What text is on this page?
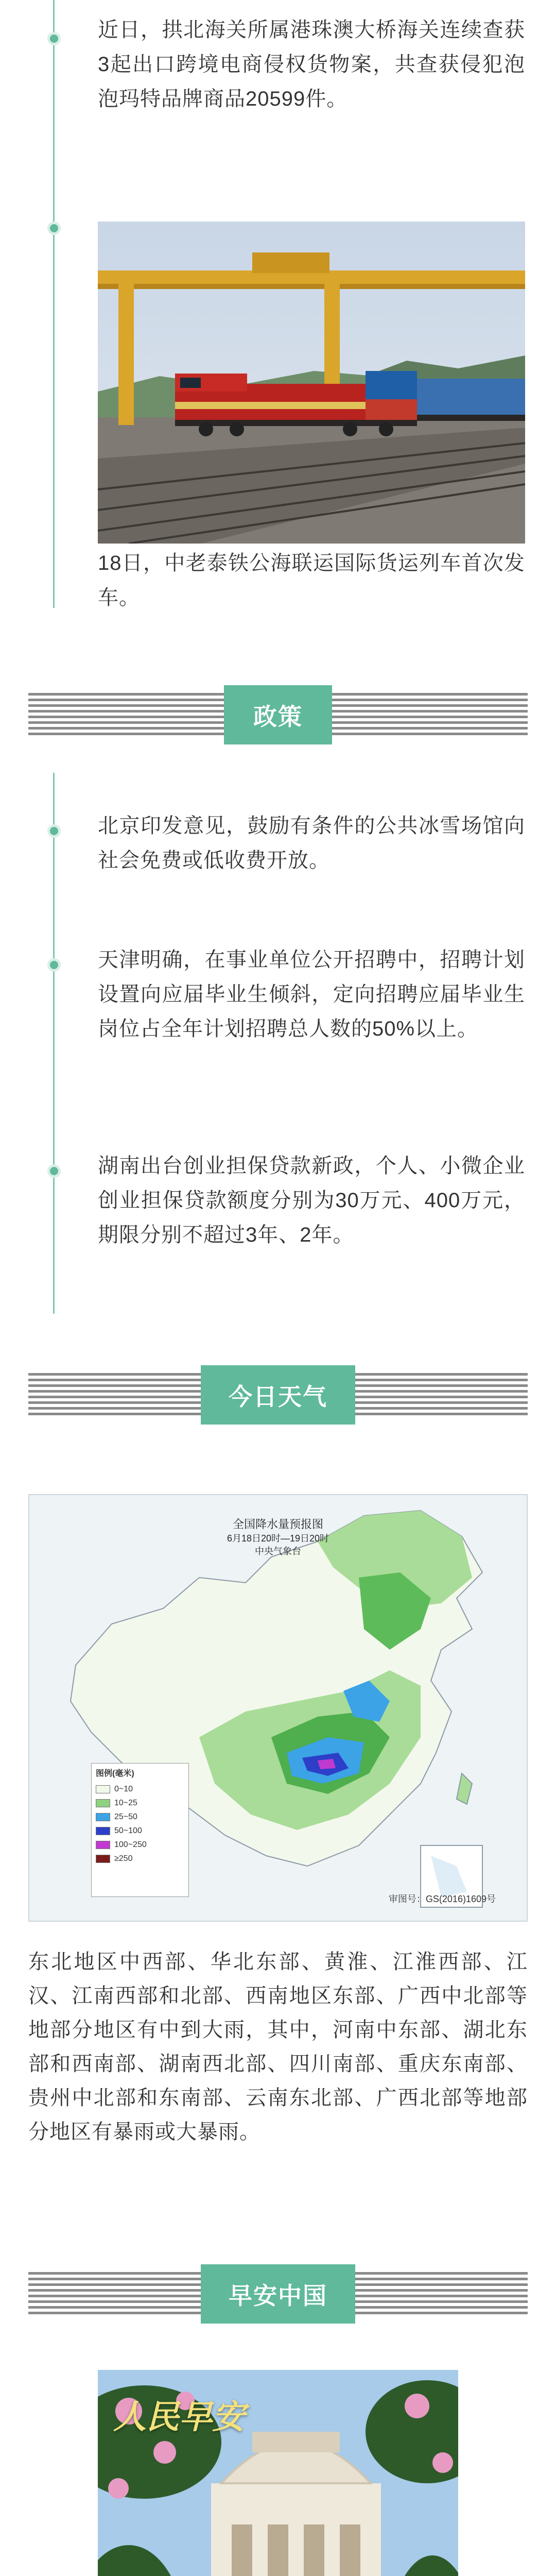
近日，拱北海关所属港珠澳大桥海关连续查获3起出口跨境电商侵权货物案，共查获侵犯泡泡玛特品牌商品20599件。
18日，中老泰铁公海联运国际货运列车首次发车。
政策
北京印发意见，鼓励有条件的公共冰雪场馆向社会免费或低收费开放。
天津明确，在事业单位公开招聘中，招聘计划设置向应届毕业生倾斜，定向招聘应届毕业生岗位占全年计划招聘总人数的50%以上。
湖南出台创业担保贷款新政，个人、小微企业创业担保贷款额度分别为30万元、400万元，期限分别不超过3年、2年。
今日天气
全国降水量预报图
6月18日20时—19日20时
中央气象台
图例(毫米)
0~10
10~25
25~50
50~100
100~250
≥250
审图号：GS(2016)1609号
东北地区中西部、华北东部、黄淮、江淮西部、江汉、江南西部和北部、西南地区东部、广西中北部等地部分地区有中到大雨，其中，河南中东部、湖北东部和西南部、湖南西北部、四川南部、重庆东南部、贵州中北部和东南部、云南东北部、广西北部等地部分地区有暴雨或大暴雨。
早安中国
人民早安
